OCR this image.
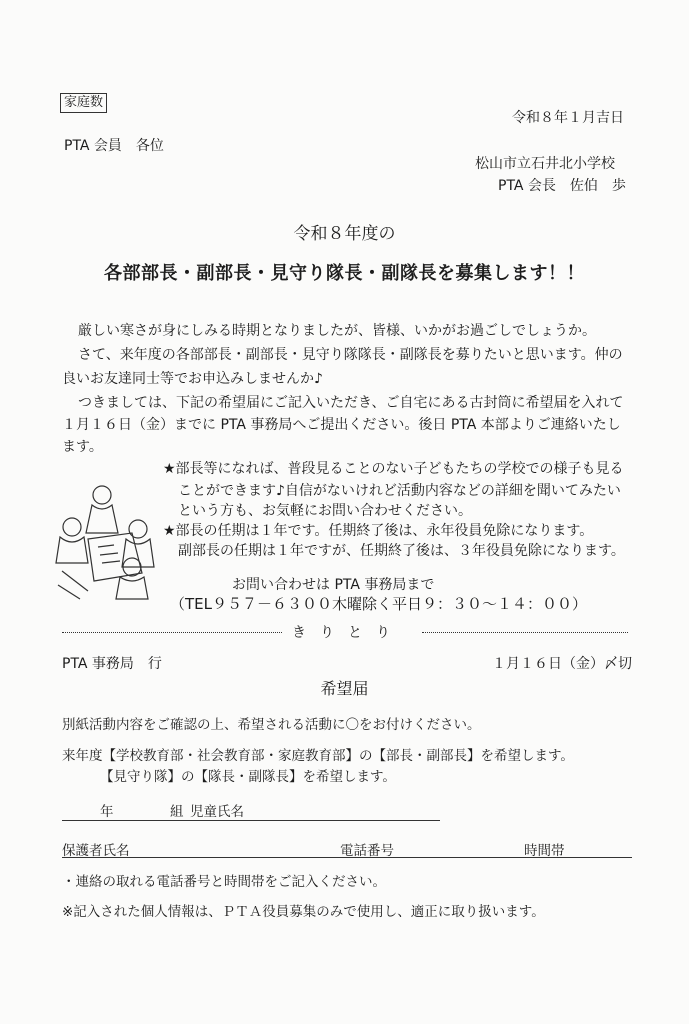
家庭数
令和８年１月吉日
PTA 会員　各位
松山市立石井北小学校
PTA 会長　佐伯　歩
令和８年度の
各部部長・副部長・見守り隊長・副隊長を募集します！！
厳しい寒さが身にしみる時期となりましたが、皆様、いかがお過ごしでしょうか。
さて、来年度の各部部長・副部長・見守り隊隊長・副隊長を募りたいと思います。仲の
良いお友達同士等でお申込みしませんか♪
つきましては、下記の希望届にご記入いただき、ご自宅にある古封筒に希望届を入れて
１月１６日（金）までに PTA 事務局へご提出ください。後日 PTA 本部よりご連絡いたし
ます。
★部長等になれば、普段見ることのない子どもたちの学校での様子も見る
ことができます♪自信がないけれど活動内容などの詳細を聞いてみたい
という方も、お気軽にお問い合わせください。
★部長の任期は１年です。任期終了後は、永年役員免除になります。
副部長の任期は１年ですが、任期終了後は、３年役員免除になります。
お問い合わせは PTA 事務局まで
（TEL９５７－６３００木曜除く平日９：３０～１４：００）
き　り　と　り
PTA 事務局　行	１月１６日（金）〆切
希望届
別紙活動内容をご確認の上、希望される活動に〇をお付けください。
来年度【学校教育部・社会教育部・家庭教育部】の【部長・副部長】を希望します。
【見守り隊】の【隊長・副隊長】を希望します。
年	組 児童氏名
保護者氏名	電話番号	時間帯
・連絡の取れる電話番号と時間帯をご記入ください。
※記入された個人情報は、ＰＴＡ役員募集のみで使用し、適正に取り扱います。
